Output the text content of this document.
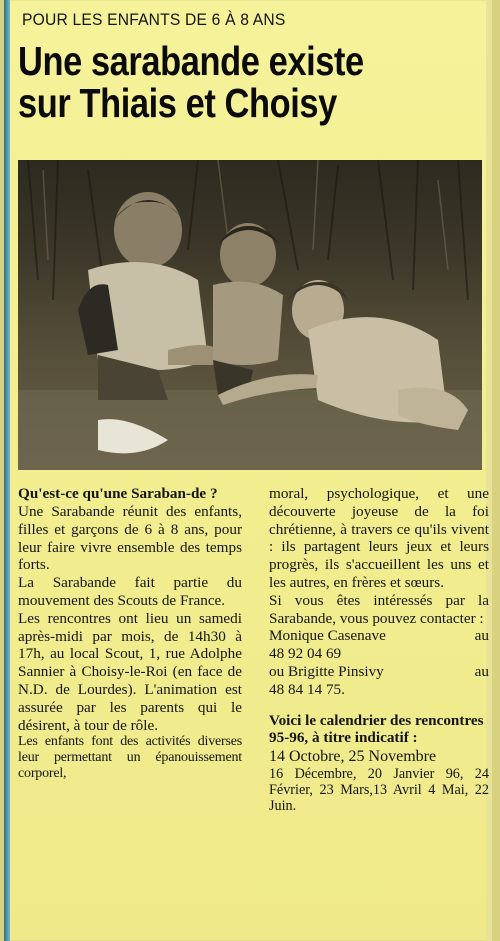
POUR LES ENFANTS DE 6 À 8 ANS
Une sarabande existe
sur Thiais et Choisy

Qu'est-ce qu'une Saraban-de ?

Une Sarabande réunit des enfants, filles et garçons de 6 à 8 ans, pour leur faire vivre ensemble des temps forts.

La Sarabande fait partie du mouvement des Scouts de France.

Les rencontres ont lieu un samedi après-midi par mois, de 14h30 à 17h, au local Scout, 1, rue Adolphe Sannier à Choisy-le-Roi (en face de N.D. de Lourdes). L'animation est assurée par les parents qui le désirent, à tour de rôle.

Les enfants font des activités diverses leur permettant un épanouissement corporel,

moral, psychologique, et une découverte joyeuse de la foi chrétienne, à travers ce qu'ils vivent : ils partagent leurs jeux et leurs progrès, ils s'accueillent les uns et les autres, en frères et sœurs.

Si vous êtes intéressés par la Sarabande, vous pouvez contacter :

Monique Casenave	au

48 92 04 69

ou Brigitte Pinsivy	au

48 84 14 75.

Voici le calendrier des rencontres 95-96, à titre indicatif :

14 Octobre, 25 Novembre

16 Décembre, 20 Janvier 96, 24 Février, 23 Mars,13 Avril 4 Mai, 22 Juin.
